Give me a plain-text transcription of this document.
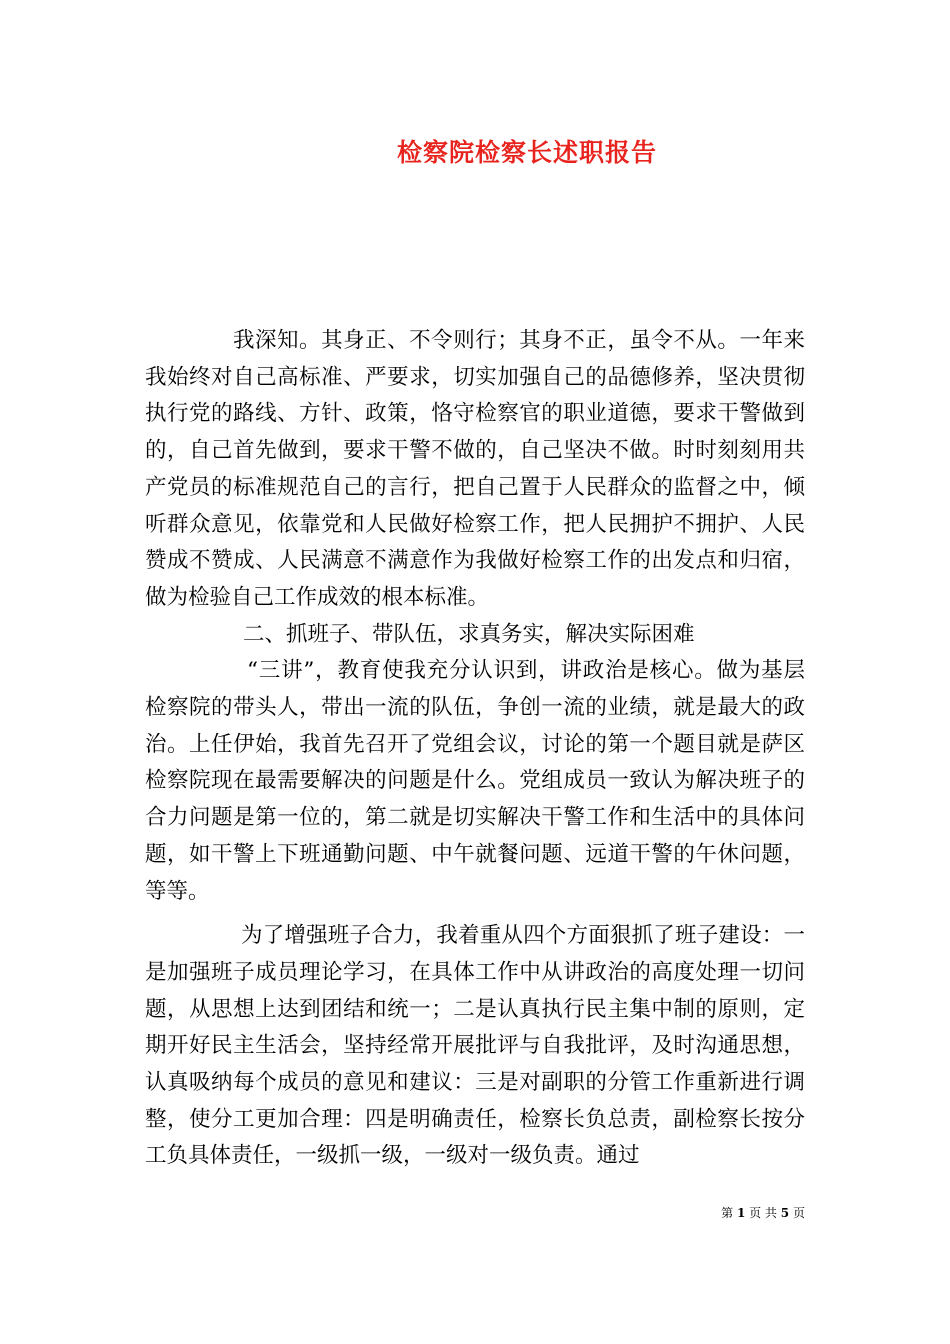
检察院检察长述职报告

我深知。其身正、不令则行；其身不正，虽令不从。一年来我始终对自己高标准、严要求，切实加强自己的品德修养，坚决贯彻执行党的路线、方针、政策，恪守检察官的职业道德，要求干警做到的，自己首先做到，要求干警不做的，自己坚决不做。时时刻刻用共产党员的标准规范自己的言行，把自己置于人民群众的监督之中，倾听群众意见，依靠党和人民做好检察工作，把人民拥护不拥护、人民赞成不赞成、人民满意不满意作为我做好检察工作的出发点和归宿，做为检验自己工作成效的根本标准。

二、抓班子、带队伍，求真务实，解决实际困难

“三讲”，教育使我充分认识到，讲政治是核心。做为基层检察院的带头人，带出一流的队伍，争创一流的业绩，就是最大的政治。上任伊始，我首先召开了党组会议，讨论的第一个题目就是萨区检察院现在最需要解决的问题是什么。党组成员一致认为解决班子的合力问题是第一位的，第二就是切实解决干警工作和生活中的具体问题，如干警上下班通勤问题、中午就餐问题、远道干警的午休问题，等等。

为了增强班子合力，我着重从四个方面狠抓了班子建设：一是加强班子成员理论学习，在具体工作中从讲政治的高度处理一切问题，从思想上达到团结和统一；二是认真执行民主集中制的原则，定期开好民主生活会，坚持经常开展批评与自我批评，及时沟通思想，认真吸纳每个成员的意见和建议：三是对副职的分管工作重新进行调整，使分工更加合理：四是明确责任，检察长负总责，副检察长按分工负具体责任，一级抓一级，一级对一级负责。通过

第 1 页 共 5 页
